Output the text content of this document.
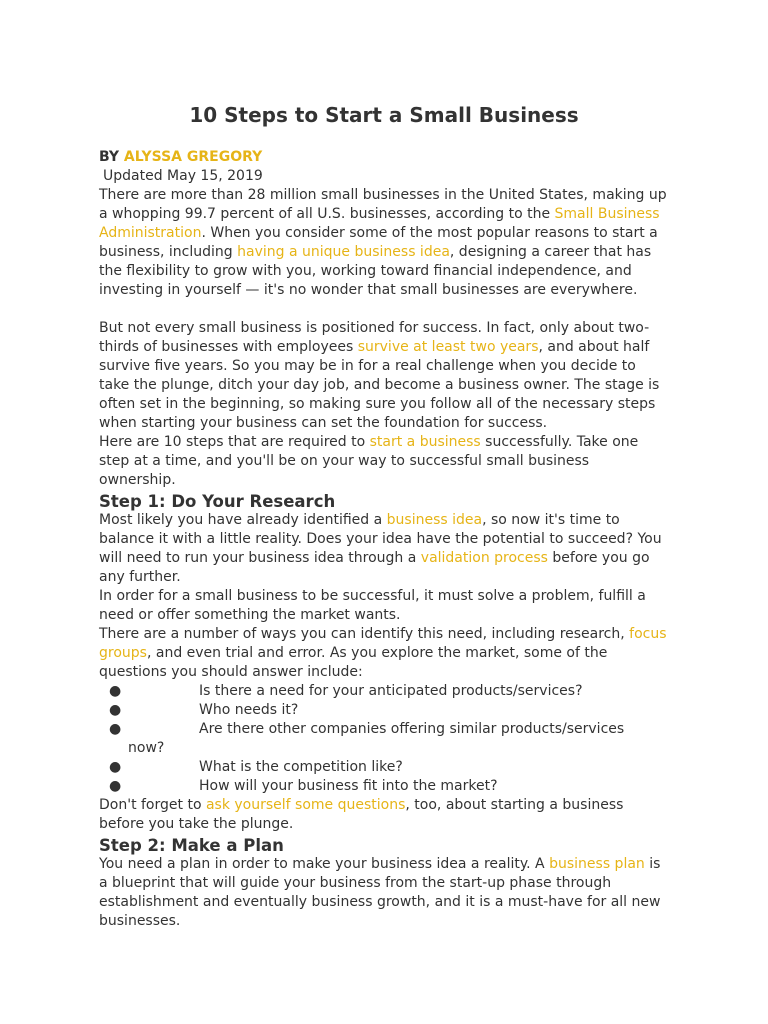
10 Steps to Start a Small Business
BY ALYSSA GREGORY
Updated May 15, 2019

There are more than 28 million small businesses in the United States, making up a whopping 99.7 percent of all U.S. businesses, according to the Small Business Administration. When you consider some of the most popular reasons to start a business, including having a unique business idea, designing a career that has the flexibility to grow with you, working toward financial independence, and investing in yourself — it's no wonder that small businesses are everywhere.

But not every small business is positioned for success. In fact, only about two-thirds of businesses with employees survive at least two years, and about half survive five years. So you may be in for a real challenge when you decide to take the plunge, ditch your day job, and become a business owner. The stage is often set in the beginning, so making sure you follow all of the necessary steps when starting your business can set the foundation for success.

Here are 10 steps that are required to start a business successfully. Take one step at a time, and you'll be on your way to successful small business ownership.

Step 1: Do Your Research

Most likely you have already identified a business idea, so now it's time to balance it with a little reality. Does your idea have the potential to succeed? You will need to run your business idea through a validation process before you go any further.

In order for a small business to be successful, it must solve a problem, fulfill a need or offer something the market wants.

There are a number of ways you can identify this need, including research, focus groups, and even trial and error. As you explore the market, some of the questions you should answer include:

●	Is there a need for your anticipated products/services?
●	Who needs it?
●	Are there other companies offering similar products/services
now?
●	What is the competition like?
●	How will your business fit into the market?

Don't forget to ask yourself some questions, too, about starting a business before you take the plunge.

Step 2: Make a Plan

You need a plan in order to make your business idea a reality. A business plan is a blueprint that will guide your business from the start-up phase through establishment and eventually business growth, and it is a must-have for all new businesses.
